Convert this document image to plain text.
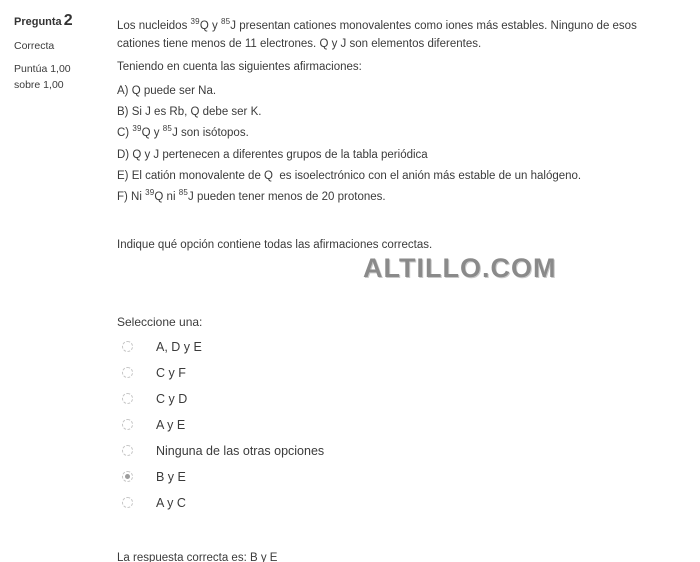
Pregunta 2
Correcta
Puntúa 1,00 sobre 1,00

Los nucleidos $^{39}$Q y $^{85}$J presentan cationes monovalentes como iones más estables. Ninguno de esos cationes tiene menos de 11 electrones. Q y J son elementos diferentes.

Teniendo en cuenta las siguientes afirmaciones:

A) Q puede ser Na.

B) Si J es Rb, Q debe ser K.

C) $^{39}$Q y $^{85}$J son isótopos.

D) Q y J pertenecen a diferentes grupos de la tabla periódica

E) El catión monovalente de Q  es isoelectrónico con el anión más estable de un halógeno.

F) Ni $^{39}$Q ni $^{85}$J pueden tener menos de 20 protones.

Indique qué opción contiene todas las afirmaciones correctas.

ALTILLO.COM
Seleccione una:
A, D y E
C y F
C y D
A y E
Ninguna de las otras opciones
B y E
A y C

La respuesta correcta es: B y E
